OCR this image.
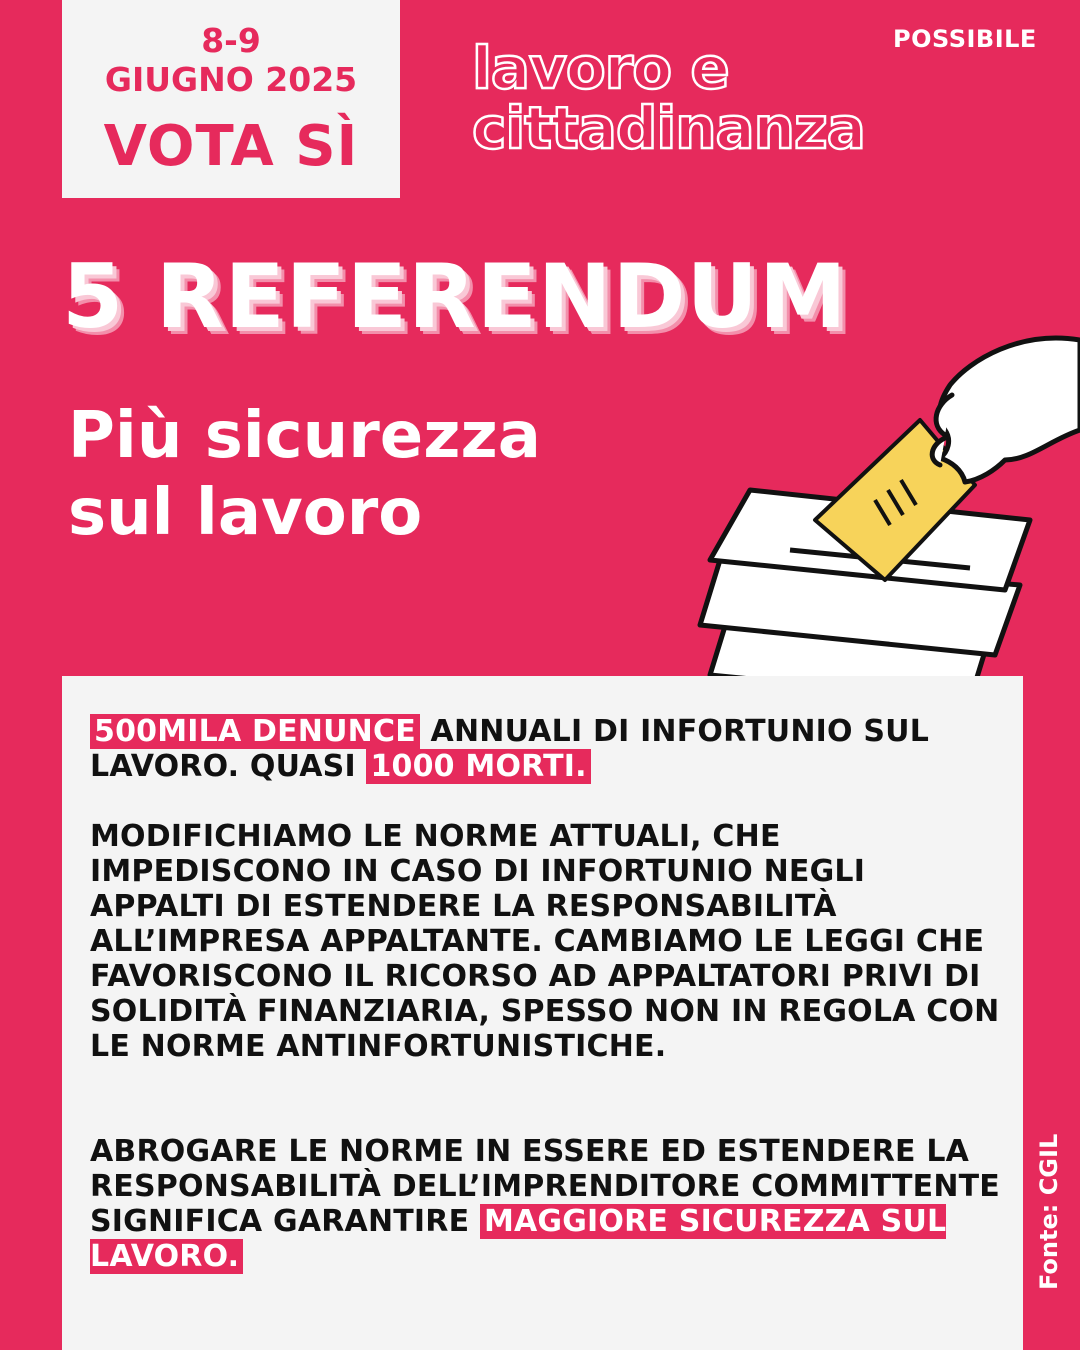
8-9
GIUGNO 2025
VOTA SÌ
lavoro e
cittadinanza
POSSIBILE
5 REFERENDUM
Più sicurezza sul lavoro
500MILA DENUNCE ANNUALI DI INFORTUNIO SUL LAVORO. QUASI 1000 MORTI.
MODIFICHIAMO LE NORME ATTUALI, CHE IMPEDISCONO IN CASO DI INFORTUNIO NEGLI APPALTI DI ESTENDERE LA RESPONSABILITÀ ALL’IMPRESA APPALTANTE. CAMBIAMO LE LEGGI CHE FAVORISCONO IL RICORSO AD APPALTATORI PRIVI DI SOLIDITÀ FINANZIARIA, SPESSO NON IN REGOLA CON LE NORME ANTINFORTUNISTICHE.
ABROGARE LE NORME IN ESSERE ED ESTENDERE LA RESPONSABILITÀ DELL’IMPRENDITORE COMMITTENTE SIGNIFICA GARANTIRE MAGGIORE SICUREZZA SUL LAVORO.	Fonte: CGIL
